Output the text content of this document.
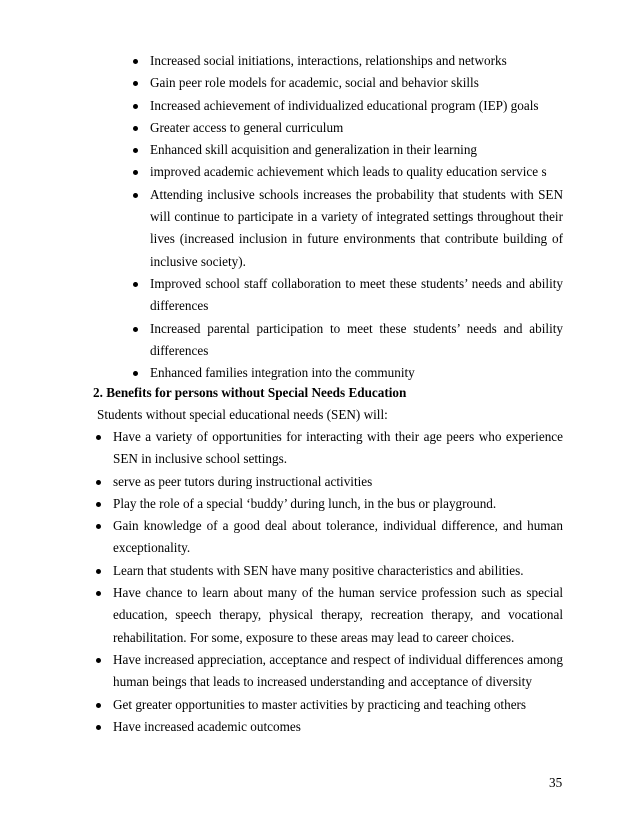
Increased social initiations, interactions, relationships and networks
Gain peer role models for academic, social and behavior skills
Increased achievement of individualized educational program (IEP) goals
Greater access to general curriculum
Enhanced skill acquisition and generalization in their learning
improved academic achievement which leads to quality education service s
Attending inclusive schools increases the probability that students with SEN will continue to participate in a variety of integrated settings throughout their lives (increased inclusion in future environments that contribute building of inclusive society).
Improved school staff collaboration to meet these students’ needs and ability differences
Increased parental participation to meet these students’ needs and ability differences
Enhanced families integration into the community
2. Benefits for persons without Special Needs Education
Students without special educational needs (SEN) will:
Have a variety of opportunities for interacting with their age peers who experience SEN in inclusive school settings.
serve as peer tutors during instructional activities
Play the role of a special ‘buddy’ during lunch, in the bus or playground.
Gain knowledge of a good deal about tolerance, individual difference, and human exceptionality.
Learn that students with SEN have many positive characteristics and abilities.
Have chance to learn about many of the human service profession such as special education, speech therapy, physical therapy, recreation therapy, and vocational rehabilitation. For some, exposure to these areas may lead to career choices.
Have increased appreciation, acceptance and respect of individual differences among human beings that leads to increased understanding and acceptance of diversity
Get greater opportunities to master activities by practicing and teaching others
Have increased academic outcomes
35
